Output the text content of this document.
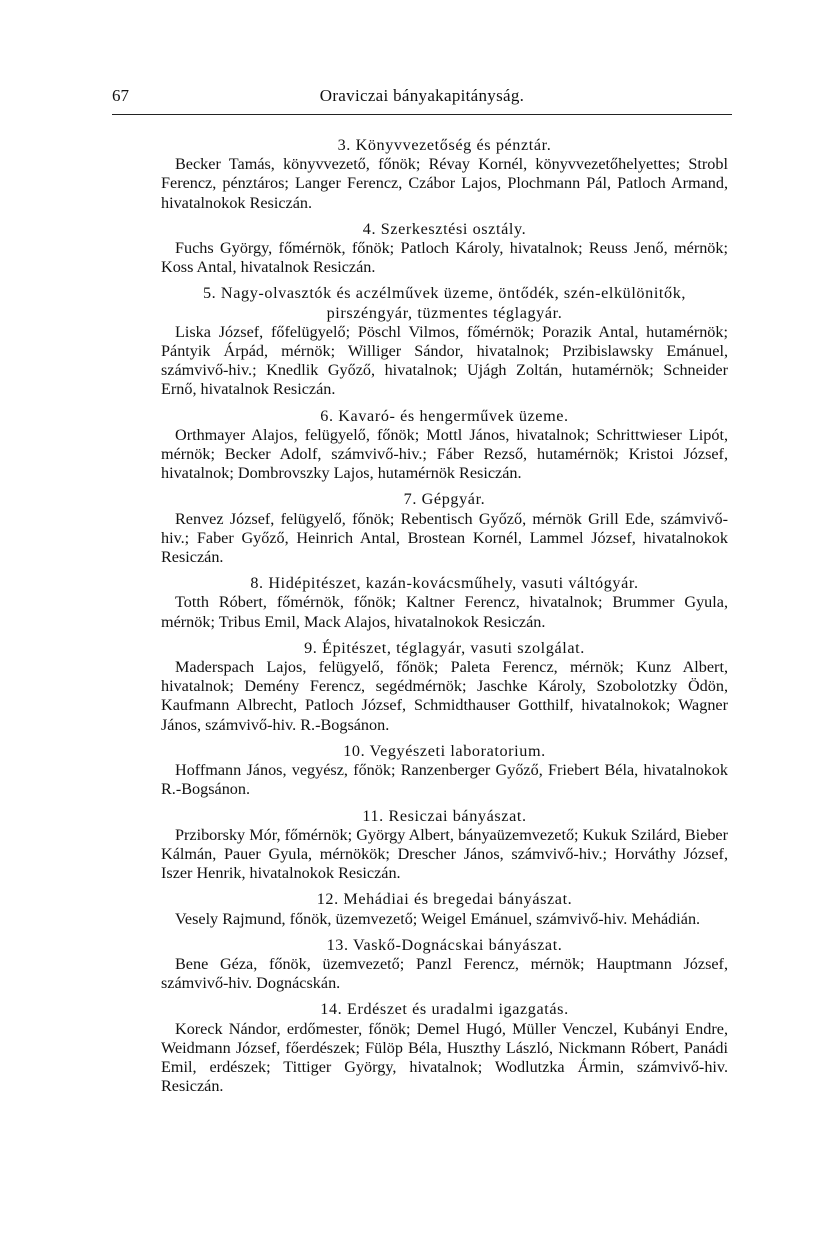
67	Oraviczai bányakapitányság.
3. Könyvvezetőség és pénztár.
Becker Tamás, könyvvezető, főnök; Révay Kornél, könyvvezetőhelyettes; Strobl Ferencz, pénztáros; Langer Ferencz, Czábor Lajos, Plochmann Pál, Patloch Armand, hivatalnokok Resiczán.
4. Szerkesztési osztály.
Fuchs György, főmérnök, főnök; Patloch Károly, hivatalnok; Reuss Jenő, mérnök; Koss Antal, hivatalnok Resiczán.
5. Nagy-olvasztók és aczélművek üzeme, öntődék, szén-elkülönitők, pirszéngyár, tüzmentes téglagyár.
Liska József, főfelügyelő; Pöschl Vilmos, főmérnök; Porazik Antal, hutamérnök; Pántyik Árpád, mérnök; Williger Sándor, hivatalnok; Przibislawsky Emánuel, számvivő-hiv.; Knedlik Győző, hivatalnok; Ujágh Zoltán, hutamérnök; Schneider Ernő, hivatalnok Resiczán.
6. Kavaró- és hengerművek üzeme.
Orthmayer Alajos, felügyelő, főnök; Mottl János, hivatalnok; Schrittwieser Lipót, mérnök; Becker Adolf, számvivő-hiv.; Fáber Rezső, hutamérnök; Kristoi József, hivatalnok; Dombrovszky Lajos, hutamérnök Resiczán.
7. Gépgyár.
Renvez József, felügyelő, főnök; Rebentisch Győző, mérnök Grill Ede, számvivő-hiv.; Faber Győző, Heinrich Antal, Brostean Kornél, Lammel József, hivatalnokok Resiczán.
8. Hidépitészet, kazán-kovácsműhely, vasuti váltógyár.
Totth Róbert, főmérnök, főnök; Kaltner Ferencz, hivatalnok; Brummer Gyula, mérnök; Tribus Emil, Mack Alajos, hivatalnokok Resiczán.
9. Épitészet, téglagyár, vasuti szolgálat.
Maderspach Lajos, felügyelő, főnök; Paleta Ferencz, mérnök; Kunz Albert, hivatalnok; Demény Ferencz, segédmérnök; Jaschke Károly, Szobolotzky Ödön, Kaufmann Albrecht, Patloch József, Schmidthauser Gotthilf, hivatalnokok; Wagner János, számvivő-hiv. R.-Bogsánon.
10. Vegyészeti laboratorium.
Hoffmann János, vegyész, főnök; Ranzenberger Győző, Friebert Béla, hivatalnokok R.-Bogsánon.
11. Resiczai bányászat.
Prziborsky Mór, főmérnök; György Albert, bányaüzemvezető; Kukuk Szilárd, Bieber Kálmán, Pauer Gyula, mérnökök; Drescher János, számvivő-hiv.; Horváthy József, Iszer Henrik, hivatalnokok Resiczán.
12. Mehádiai és bregedai bányászat.
Vesely Rajmund, főnök, üzemvezető; Weigel Emánuel, számvivő-hiv. Mehádián.
13. Vaskő-Dognácskai bányászat.
Bene Géza, főnök, üzemvezető; Panzl Ferencz, mérnök; Hauptmann József, számvivő-hiv. Dognácskán.
14. Erdészet és uradalmi igazgatás.
Koreck Nándor, erdőmester, főnök; Demel Hugó, Müller Venczel, Kubányi Endre, Weidmann József, főerdészek; Fülöp Béla, Huszthy László, Nickmann Róbert, Panádi Emil, erdészek; Tittiger György, hivatalnok; Wodlutzka Ármin, számvivő-hiv. Resiczán.
